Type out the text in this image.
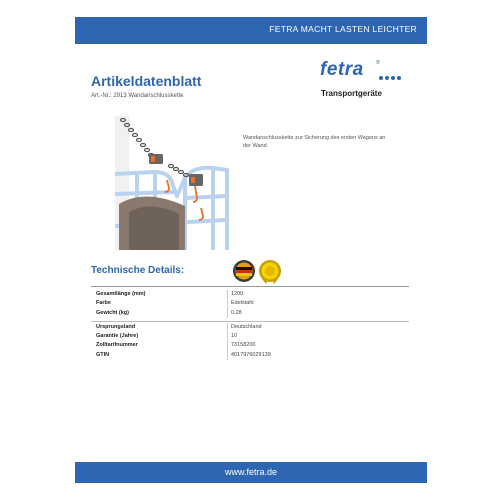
FETRA MACHT LASTEN LEICHTER
Artikeldatenblatt
Art.-Nr.: 2913 Wandanschlusskette
fetra ®
Transportgeräte
Wandanschlusskette zur Sicherung des ersten Wagens an der Wand.
Technische Details:
Gesamtlänge (mm)	1200
Farbe	Edelstahl
Gewicht (kg)	0.28
Ursprungsland	Deutschland
Garantie (Jahre)	10
Zolltarifnummer	73158200
GTIN	4017976029139
www.fetra.de
